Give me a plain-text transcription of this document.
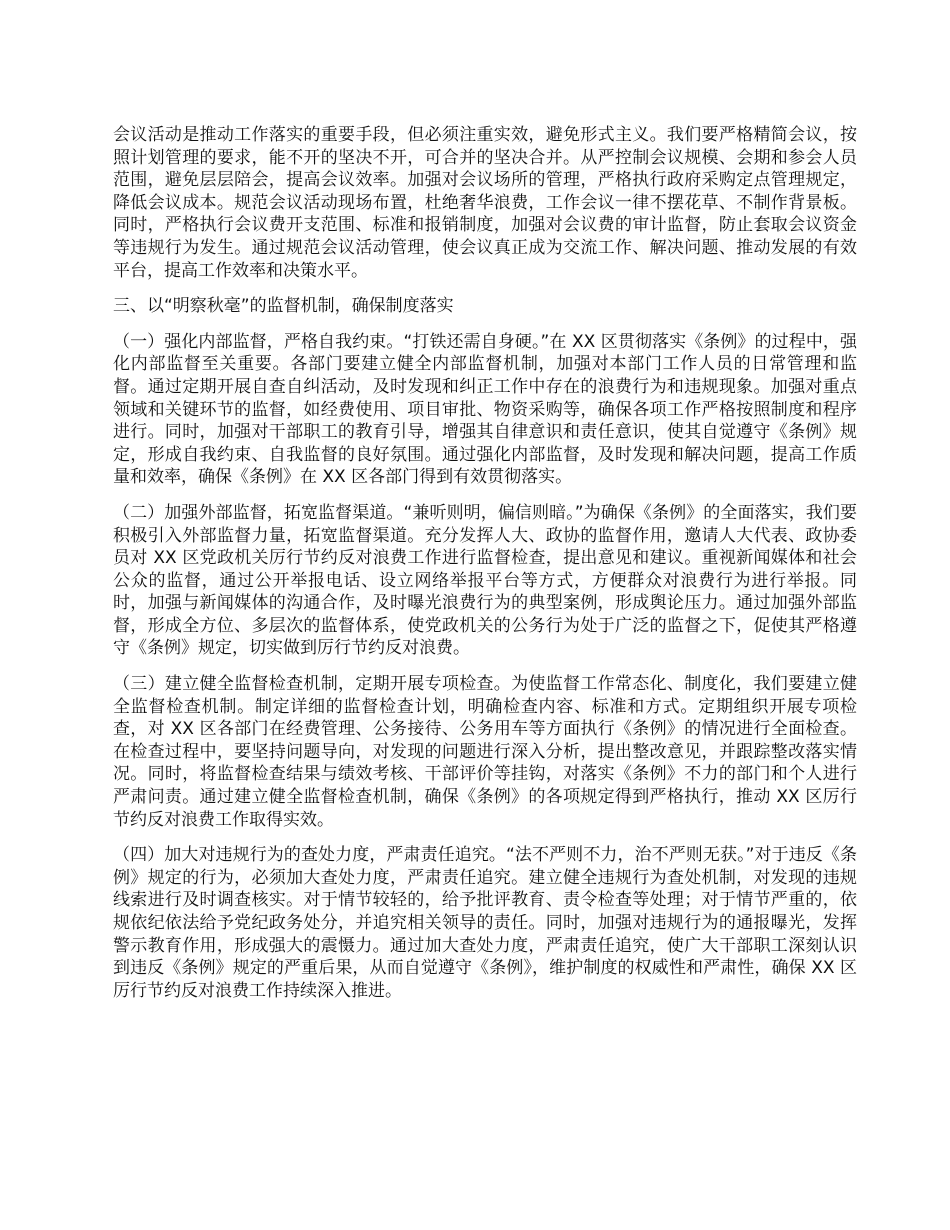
会议活动是推动工作落实的重要手段，但必须注重实效，避免形式主义。我们要严格精简会议，按照计划管理的要求，能不开的坚决不开，可合并的坚决合并。从严控制会议规模、会期和参会人员范围，避免层层陪会，提高会议效率。加强对会议场所的管理，严格执行政府采购定点管理规定，降低会议成本。规范会议活动现场布置，杜绝奢华浪费，工作会议一律不摆花草、不制作背景板。同时，严格执行会议费开支范围、标准和报销制度，加强对会议费的审计监督，防止套取会议资金等违规行为发生。通过规范会议活动管理，使会议真正成为交流工作、解决问题、推动发展的有效平台，提高工作效率和决策水平。

三、以“明察秋毫”的监督机制，确保制度落实

（一）强化内部监督，严格自我约束。“打铁还需自身硬。”在 XX 区贯彻落实《条例》的过程中，强化内部监督至关重要。各部门要建立健全内部监督机制，加强对本部门工作人员的日常管理和监督。通过定期开展自查自纠活动，及时发现和纠正工作中存在的浪费行为和违规现象。加强对重点领域和关键环节的监督，如经费使用、项目审批、物资采购等，确保各项工作严格按照制度和程序进行。同时，加强对干部职工的教育引导，增强其自律意识和责任意识，使其自觉遵守《条例》规定，形成自我约束、自我监督的良好氛围。通过强化内部监督，及时发现和解决问题，提高工作质量和效率，确保《条例》在 XX 区各部门得到有效贯彻落实。

（二）加强外部监督，拓宽监督渠道。“兼听则明，偏信则暗。”为确保《条例》的全面落实，我们要积极引入外部监督力量，拓宽监督渠道。充分发挥人大、政协的监督作用，邀请人大代表、政协委员对 XX 区党政机关厉行节约反对浪费工作进行监督检查，提出意见和建议。重视新闻媒体和社会公众的监督，通过公开举报电话、设立网络举报平台等方式，方便群众对浪费行为进行举报。同时，加强与新闻媒体的沟通合作，及时曝光浪费行为的典型案例，形成舆论压力。通过加强外部监督，形成全方位、多层次的监督体系，使党政机关的公务行为处于广泛的监督之下，促使其严格遵守《条例》规定，切实做到厉行节约反对浪费。

（三）建立健全监督检查机制，定期开展专项检查。为使监督工作常态化、制度化，我们要建立健全监督检查机制。制定详细的监督检查计划，明确检查内容、标准和方式。定期组织开展专项检查，对 XX 区各部门在经费管理、公务接待、公务用车等方面执行《条例》的情况进行全面检查。在检查过程中，要坚持问题导向，对发现的问题进行深入分析，提出整改意见，并跟踪整改落实情况。同时，将监督检查结果与绩效考核、干部评价等挂钩，对落实《条例》不力的部门和个人进行严肃问责。通过建立健全监督检查机制，确保《条例》的各项规定得到严格执行，推动 XX 区厉行节约反对浪费工作取得实效。

（四）加大对违规行为的查处力度，严肃责任追究。“法不严则不力，治不严则无获。”对于违反《条例》规定的行为，必须加大查处力度，严肃责任追究。建立健全违规行为查处机制，对发现的违规线索进行及时调查核实。对于情节较轻的，给予批评教育、责令检查等处理；对于情节严重的，依规依纪依法给予党纪政务处分，并追究相关领导的责任。同时，加强对违规行为的通报曝光，发挥警示教育作用，形成强大的震慑力。通过加大查处力度，严肃责任追究，使广大干部职工深刻认识到违反《条例》规定的严重后果，从而自觉遵守《条例》，维护制度的权威性和严肃性，确保 XX 区厉行节约反对浪费工作持续深入推进。
